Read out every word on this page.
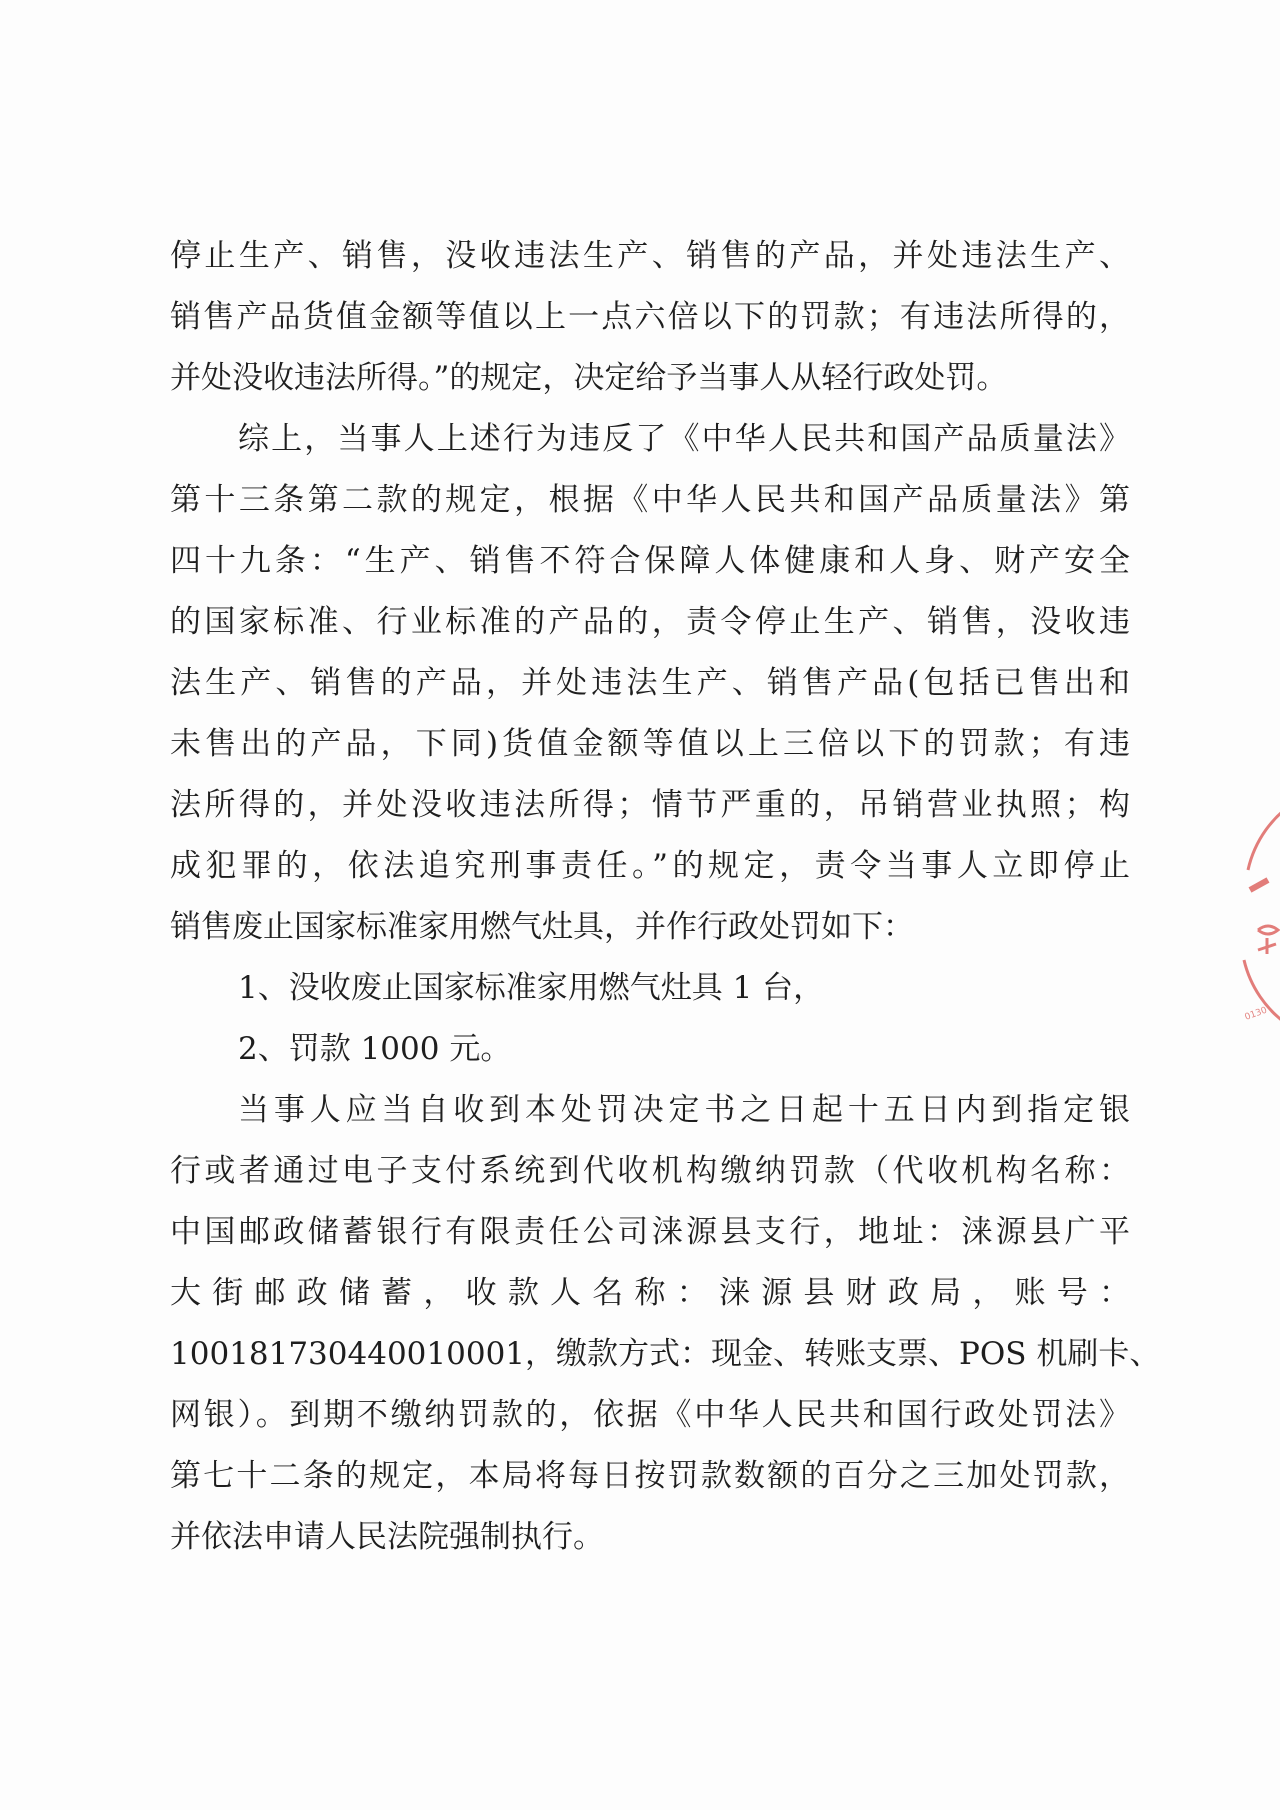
停止生产、销售，没收违法生产、销售的产品，并处违法生产、
销售产品货值金额等值以上一点六倍以下的罚款；有违法所得的，
并处没收违法所得。”的规定，决定给予当事人从轻行政处罚。
综上，当事人上述行为违反了《中华人民共和国产品质量法》
第十三条第二款的规定，根据《中华人民共和国产品质量法》第
四十九条：“生产、销售不符合保障人体健康和人身、财产安全
的国家标准、行业标准的产品的，责令停止生产、销售，没收违
法生产、销售的产品，并处违法生产、销售产品(包括已售出和
未售出的产品，下同)货值金额等值以上三倍以下的罚款；有违
法所得的，并处没收违法所得；情节严重的，吊销营业执照；构
成犯罪的，依法追究刑事责任。”的规定，责令当事人立即停止
销售废止国家标准家用燃气灶具，并作行政处罚如下：
1、没收废止国家标准家用燃气灶具 1 台，
2、罚款 1000 元。
当事人应当自收到本处罚决定书之日起十五日内到指定银
行或者通过电子支付系统到代收机构缴纳罚款（代收机构名称：
中国邮政储蓄银行有限责任公司涞源县支行，地址：涞源县广平
大街邮政储蓄，收款人名称：涞源县财政局，账号：
100181730440010001，缴款方式：现金、转账支票、POS 机刷卡、
网银）。到期不缴纳罚款的，依据《中华人民共和国行政处罚法》
第七十二条的规定，本局将每日按罚款数额的百分之三加处罚款，
并依法申请人民法院强制执行。
0130
